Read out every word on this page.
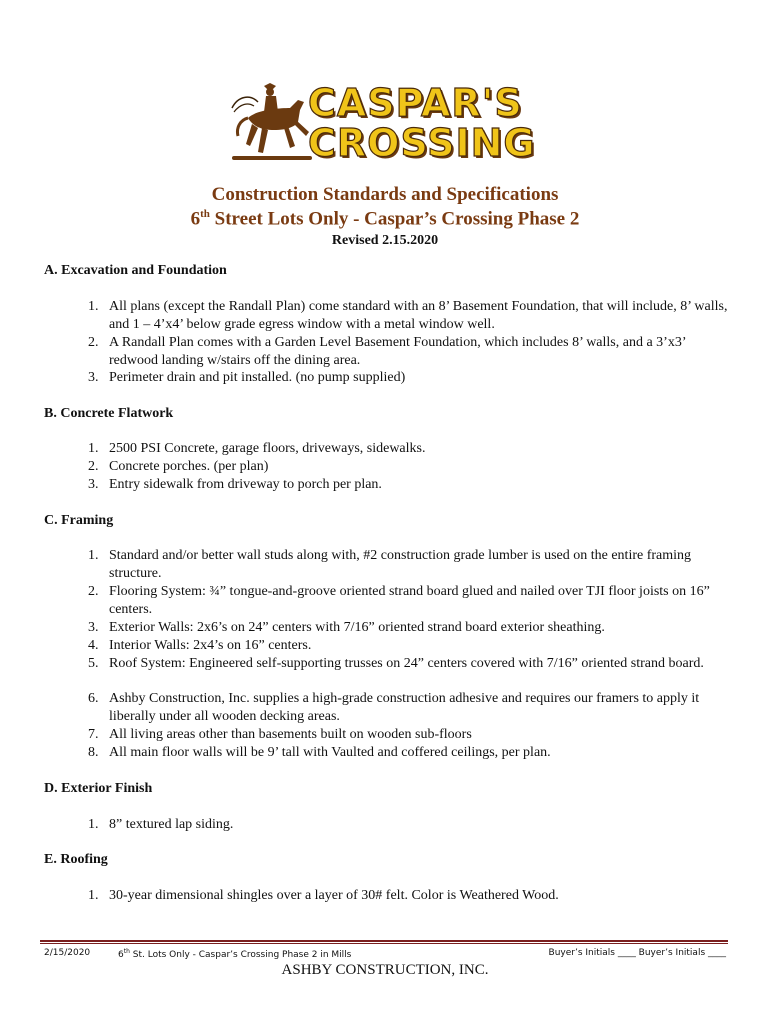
CASPAR'S
CROSSING
Construction Standards and Specifications
6th Street Lots Only - Caspar’s Crossing Phase 2
Revised 2.15.2020
A. Excavation and Foundation
1. All plans (except the Randall Plan) come standard with an 8’ Basement Foundation, that will include, 8’ walls, and 1 – 4’x4’ below grade egress window with a metal window well.
2. A Randall Plan comes with a Garden Level Basement Foundation, which includes 8’ walls, and a 3’x3’ redwood landing w/stairs off the dining area.
3. Perimeter drain and pit installed. (no pump supplied)
B. Concrete Flatwork
1. 2500 PSI Concrete, garage floors, driveways, sidewalks.
2. Concrete porches. (per plan)
3. Entry sidewalk from driveway to porch per plan.
C. Framing
1. Standard and/or better wall studs along with, #2 construction grade lumber is used on the entire framing structure.
2. Flooring System: ¾” tongue-and-groove oriented strand board glued and nailed over TJI floor joists on 16” centers.
3. Exterior Walls: 2x6’s on 24” centers with 7/16” oriented strand board exterior sheathing.
4. Interior Walls: 2x4’s on 16” centers.
5. Roof System: Engineered self-supporting trusses on 24” centers covered with 7/16” oriented strand board.
6. Ashby Construction, Inc. supplies a high-grade construction adhesive and requires our framers to apply it liberally under all wooden decking areas.
7. All living areas other than basements built on wooden sub-floors
8. All main floor walls will be 9’ tall with Vaulted and coffered ceilings, per plan.
D. Exterior Finish
1. 8” textured lap siding.
E. Roofing
1. 30-year dimensional shingles over a layer of 30# felt. Color is Weathered Wood.
2/15/2020	6th St. Lots Only - Caspar’s Crossing Phase 2 in Mills	Buyer’s Initials ____ Buyer’s Initials ____
ASHBY CONSTRUCTION, INC.
